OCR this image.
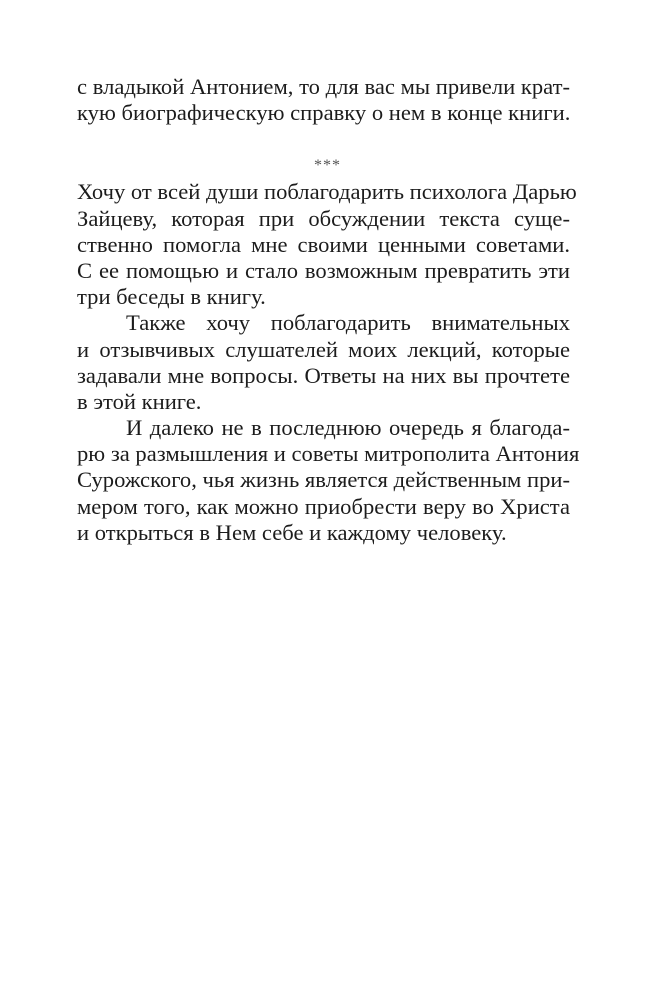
с владыкой Антонием, то для вас мы привели крат-
кую биографическую справку о нем в конце книги.
***
Хочу от всей души поблагодарить психолога Дарью
Зайцеву, которая при обсуждении текста суще-
ственно помогла мне своими ценными советами.
С ее помощью и стало возможным превратить эти
три беседы в книгу.
Также хочу поблагодарить внимательных
и отзывчивых слушателей моих лекций, которые
задавали мне вопросы. Ответы на них вы прочтете
в этой книге.
И далеко не в последнюю очередь я благода-
рю за размышления и советы митрополита Антония
Сурожского, чья жизнь является действенным при-
мером того, как можно приобрести веру во Христа
и открыться в Нем себе и каждому человеку.
